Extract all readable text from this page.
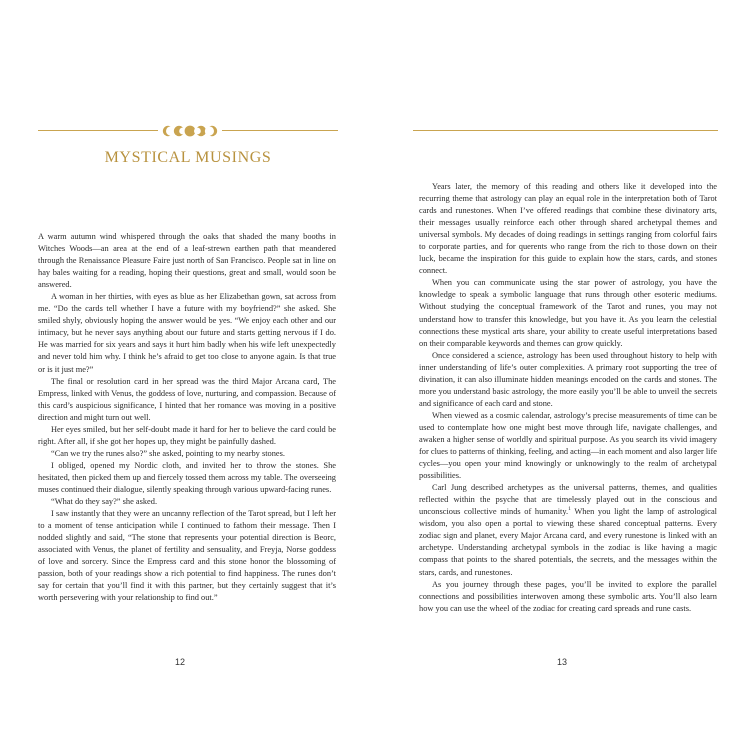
MYSTICAL MUSINGS

A warm autumn wind whispered through the oaks that shaded the many booths in Witches Woods—an area at the end of a leaf-strewn earthen path that meandered through the Renaissance Pleasure Faire just north of San Francisco. People sat in line on hay bales waiting for a reading, hoping their questions, great and small, would soon be answered.

A woman in her thirties, with eyes as blue as her Elizabethan gown, sat across from me. “Do the cards tell whether I have a future with my boyfriend?” she asked. She smiled shyly, obviously hoping the answer would be yes. “We enjoy each other and our intimacy, but he never says anything about our future and starts getting nervous if I do. He was married for six years and says it hurt him badly when his wife left unexpectedly and never told him why. I think he’s afraid to get too close to anyone again. Is that true or is it just me?”

The final or resolution card in her spread was the third Major Arcana card, The Empress, linked with Venus, the goddess of love, nurturing, and compassion. Because of this card’s auspicious significance, I hinted that her romance was moving in a positive direction and might turn out well.

Her eyes smiled, but her self-doubt made it hard for her to believe the card could be right. After all, if she got her hopes up, they might be painfully dashed.

“Can we try the runes also?” she asked, pointing to my nearby stones.

I obliged, opened my Nordic cloth, and invited her to throw the stones. She hesitated, then picked them up and fiercely tossed them across my table. The overseeing muses continued their dialogue, silently speaking through various upward-facing runes.

“What do they say?” she asked.

I saw instantly that they were an uncanny reflection of the Tarot spread, but I left her to a moment of tense anticipation while I continued to fathom their message. Then I nodded slightly and said, “The stone that represents your potential direction is Beorc, associated with Venus, the planet of fertility and sensuality, and Freyja, Norse goddess of love and sorcery. Since the Empress card and this stone honor the blossoming of passion, both of your readings show a rich potential to find happiness. The runes don’t say for certain that you’ll find it with this partner, but they certainly suggest that it’s worth persevering with your relationship to find out.”

12

Years later, the memory of this reading and others like it developed into the recurring theme that astrology can play an equal role in the interpretation both of Tarot cards and runestones. When I’ve offered readings that combine these divinatory arts, their messages usually reinforce each other through shared archetypal themes and universal symbols. My decades of doing readings in settings ranging from colorful fairs to corporate parties, and for querents who range from the rich to those down on their luck, became the inspiration for this guide to explain how the stars, cards, and stones connect.

When you can communicate using the star power of astrology, you have the knowledge to speak a symbolic language that runs through other esoteric mediums. Without studying the conceptual framework of the Tarot and runes, you may not understand how to transfer this knowledge, but you have it. As you learn the celestial connections these mystical arts share, your ability to create useful interpretations based on their comparable keywords and themes can grow quickly.

Once considered a science, astrology has been used throughout history to help with inner understanding of life’s outer complexities. A primary root supporting the tree of divination, it can also illuminate hidden meanings encoded on the cards and stones. The more you understand basic astrology, the more easily you’ll be able to unveil the secrets and significance of each card and stone.

When viewed as a cosmic calendar, astrology’s precise measurements of time can be used to contemplate how one might best move through life, navigate challenges, and awaken a higher sense of worldly and spiritual purpose. As you search its vivid imagery for clues to patterns of thinking, feeling, and acting—in each moment and also larger life cycles—you open your mind knowingly or unknowingly to the realm of archetypal possibilities.

Carl Jung described archetypes as the universal patterns, themes, and qualities reflected within the psyche that are timelessly played out in the conscious and unconscious collective minds of humanity.$^1$ When you light the lamp of astrological wisdom, you also open a portal to viewing these shared conceptual patterns. Every zodiac sign and planet, every Major Arcana card, and every runestone is linked with an archetype. Understanding archetypal symbols in the zodiac is like having a magic compass that points to the shared potentials, the secrets, and the messages within the stars, cards, and runestones.

As you journey through these pages, you’ll be invited to explore the parallel connections and possibilities interwoven among these symbolic arts. You’ll also learn how you can use the wheel of the zodiac for creating card spreads and rune casts.

13
